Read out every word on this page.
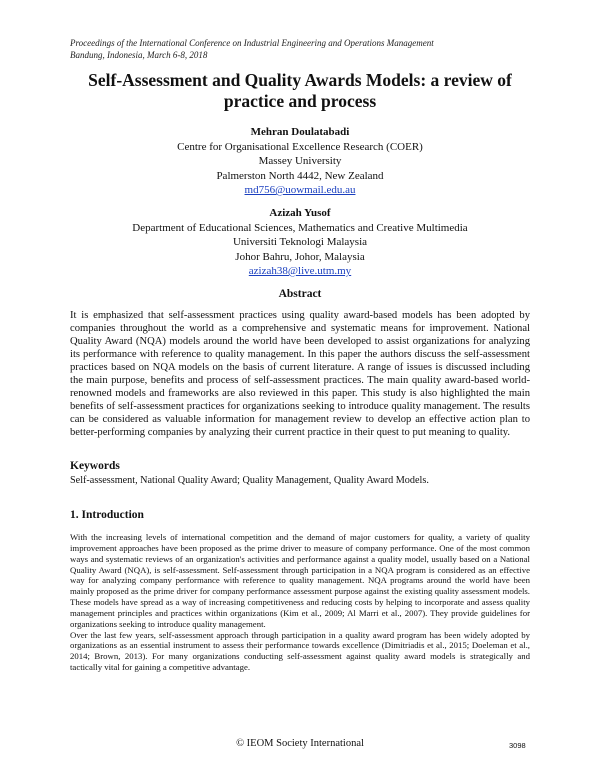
Proceedings of the International Conference on Industrial Engineering and Operations Management
Bandung, Indonesia, March 6-8, 2018
Self-Assessment and Quality Awards Models: a review of practice and process
Mehran Doulatabadi
Centre for Organisational Excellence Research (COER)
Massey University
Palmerston North 4442, New Zealand
md756@uowmail.edu.au
Azizah Yusof
Department of Educational Sciences, Mathematics and Creative Multimedia
Universiti Teknologi Malaysia
Johor Bahru, Johor, Malaysia
azizah38@live.utm.my
Abstract
It is emphasized that self-assessment practices using quality award-based models has been adopted by companies throughout the world as a comprehensive and systematic means for improvement. National Quality Award (NQA) models around the world have been developed to assist organizations for analyzing its performance with reference to quality management. In this paper the authors discuss the self-assessment practices based on NQA models on the basis of current literature. A range of issues is discussed including the main purpose, benefits and process of self-assessment practices. The main quality award-based world-renowned models and frameworks are also reviewed in this paper. This study is also highlighted the main benefits of self-assessment practices for organizations seeking to introduce quality management. The results can be considered as valuable information for management review to develop an effective action plan to better-performing companies by analyzing their current practice in their quest to put meaning to quality.
Keywords
Self-assessment, National Quality Award; Quality Management, Quality Award Models.
1. Introduction

With the increasing levels of international competition and the demand of major customers for quality, a variety of quality improvement approaches have been proposed as the prime driver to measure of company performance. One of the most common ways and systematic reviews of an organization's activities and performance against a quality model, usually based on a National Quality Award (NQA), is self-assessment. Self-assessment through participation in a NQA program is considered as an effective way for analyzing company performance with reference to quality management. NQA programs around the world have been mainly proposed as the prime driver for company performance assessment purpose against the existing quality assessment models. These models have spread as a way of increasing competitiveness and reducing costs by helping to incorporate and assess quality management principles and practices within organizations (Kim et al., 2009; Al Marri et al., 2007). They provide guidelines for organizations seeking to introduce quality management.

Over the last few years, self-assessment approach through participation in a quality award program has been widely adopted by organizations as an essential instrument to assess their performance towards excellence (Dimitriadis et al., 2015; Doeleman et al., 2014; Brown, 2013). For many organizations conducting self-assessment against quality award models is strategically and tactically vital for gaining a competitive advantage.

© IEOM Society International	3098
